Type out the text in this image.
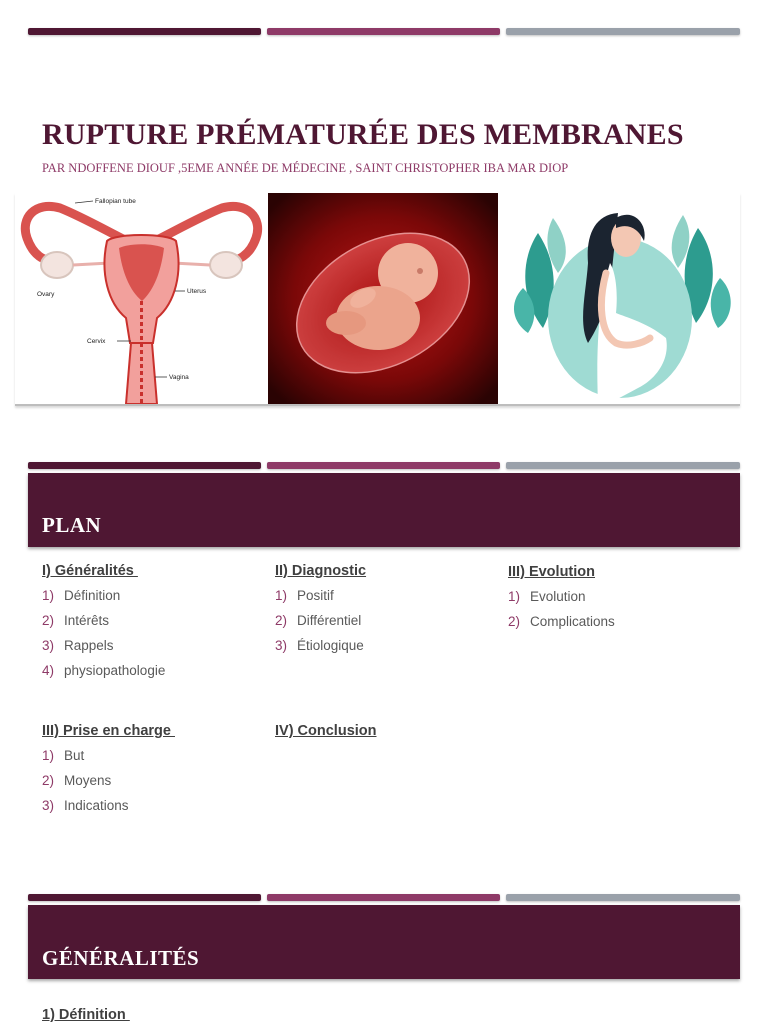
RUPTURE PRÉMATURÉE DES MEMBRANES

PAR NDOFFENE DIOUF ,5EME ANNÉE DE MÉDECINE , SAINT CHRISTOPHER IBA MAR DIOP

Fallopian tube
Ovary	Uterus
Cervix
Vagina
PLAN
I) Généralités
1) Définition
2) Intérêts
3) Rappels
4) physiopathologie
II) Diagnostic
1) Positif
2) Différentiel
3) Étiologique
III) Evolution
1) Evolution
2) Complications
III) Prise en charge
1) But
2) Moyens
3) Indications
IV) Conclusion
GÉNÉRALITÉS

1) Définition
